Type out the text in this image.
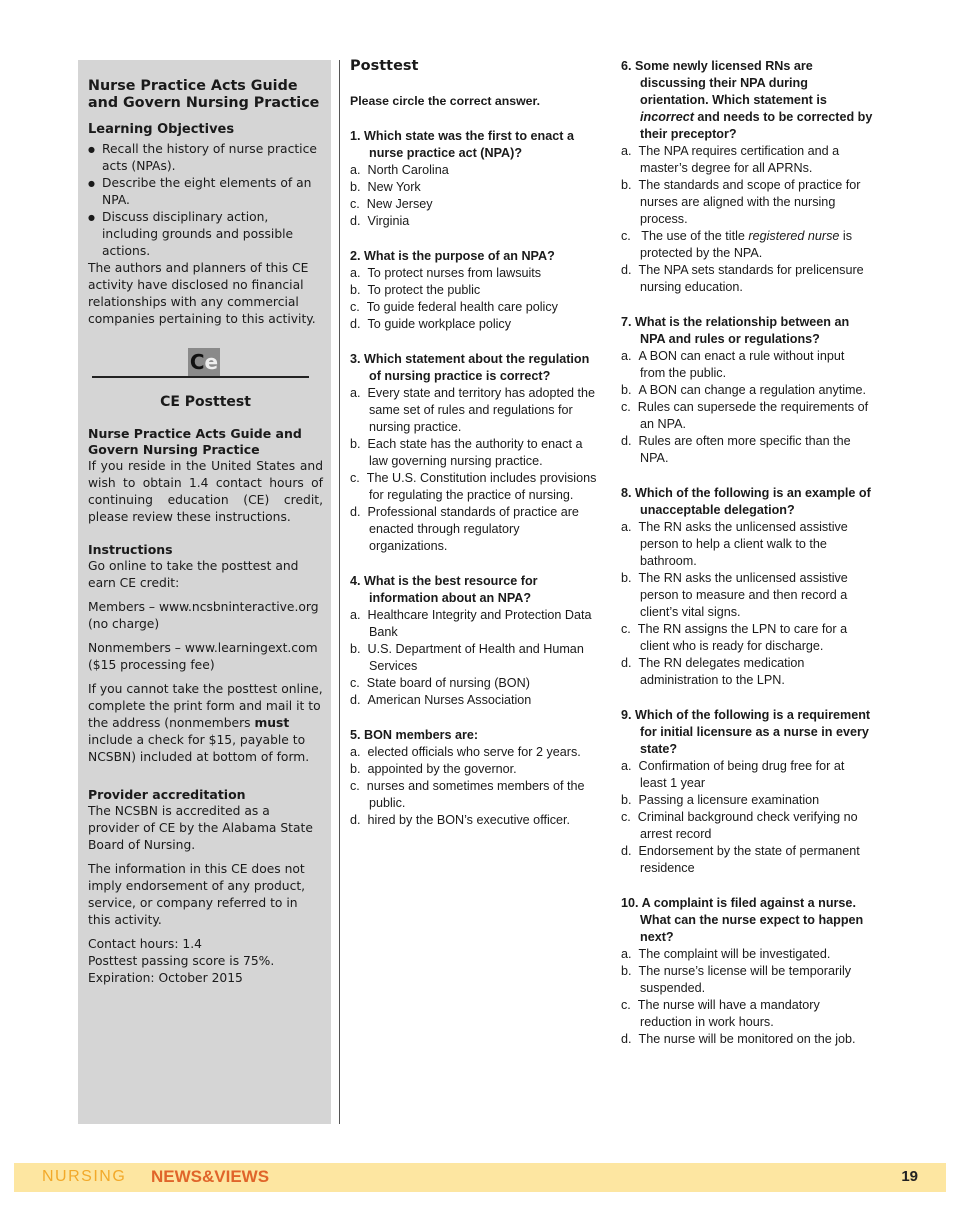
Nurse Practice Acts Guide and Govern Nursing Practice

Learning Objectives

● Recall the history of nurse practice acts (NPAs).
● Describe the eight elements of an NPA.
● Discuss disciplinary action, including grounds and possible actions.

The authors and planners of this CE activity have disclosed no financial relationships with any commercial companies pertaining to this activity.

C e

CE Posttest

Nurse Practice Acts Guide and Govern Nursing Practice

If you reside in the United States and wish to obtain 1.4 contact hours of continuing education (CE) credit, please review these instructions.

Instructions

Go online to take the posttest and earn CE credit:

Members – www.ncsbninteractive.org (no charge)

Nonmembers – www.learningext.com ($15 processing fee)

If you cannot take the posttest online, complete the print form and mail it to the address (nonmembers must include a check for $15, payable to NCSBN) included at bottom of form.

Provider accreditation

The NCSBN is accredited as a provider of CE by the Alabama State Board of Nursing.

The information in this CE does not imply endorsement of any product, service, or company referred to in this activity.

Contact hours: 1.4

Posttest passing score is 75%.

Expiration: October 2015

Posttest

Please circle the correct answer.

1. Which state was the first to enact a nurse practice act (NPA)?

a. North Carolina

b. New York

c. New Jersey

d. Virginia

2. What is the purpose of an NPA?

a. To protect nurses from lawsuits

b. To protect the public

c. To guide federal health care policy

d. To guide workplace policy

3. Which statement about the regulation of nursing practice is correct?

a. Every state and territory has adopted the same set of rules and regulations for nursing practice.

b. Each state has the authority to enact a law governing nursing practice.

c. The U.S. Constitution includes provisions for regulating the practice of nursing.

d. Professional standards of practice are enacted through regulatory organizations.

4. What is the best resource for information about an NPA?

a. Healthcare Integrity and Protection Data Bank

b. U.S. Department of Health and Human Services

c. State board of nursing (BON)

d. American Nurses Association

5. BON members are:

a. elected officials who serve for 2 years.

b. appointed by the governor.

c. nurses and sometimes members of the public.

d. hired by the BON’s executive officer.

6. Some newly licensed RNs are discussing their NPA during orientation. Which statement is incorrect and needs to be corrected by their preceptor?

a.  The NPA requires certification and a master’s degree for all APRNs.

b.  The standards and scope of practice for nurses are aligned with the nursing process.

c.   The use of the title registered nurse is protected by the NPA.

d.  The NPA sets standards for prelicensure nursing education.

7. What is the relationship between an NPA and rules or regulations?

a. A BON can enact a rule without input from the public.

b. A BON can change a regulation anytime.

c. Rules can supersede the requirements of an NPA.

d. Rules are often more specific than the NPA.

8. Which of the following is an example of unacceptable delegation?

a. The RN asks the unlicensed assistive person to help a client walk to the bathroom.

b. The RN asks the unlicensed assistive person to measure and then record a client’s vital signs.

c. The RN assigns the LPN to care for a client who is ready for discharge.

d. The RN delegates medication administration to the LPN.

9. Which of the following is a requirement for initial licensure as a nurse in every state?

a. Confirmation of being drug free for at least 1 year

b. Passing a licensure examination

c. Criminal background check verifying no arrest record

d. Endorsement by the state of permanent residence

10. A complaint is filed against a nurse. What can the nurse expect to happen next?

a. The complaint will be investigated.

b. The nurse’s license will be temporarily suspended.

c. The nurse will have a mandatory reduction in work hours.

d. The nurse will be monitored on the job.

NURSING NEWS&VIEWS	19
